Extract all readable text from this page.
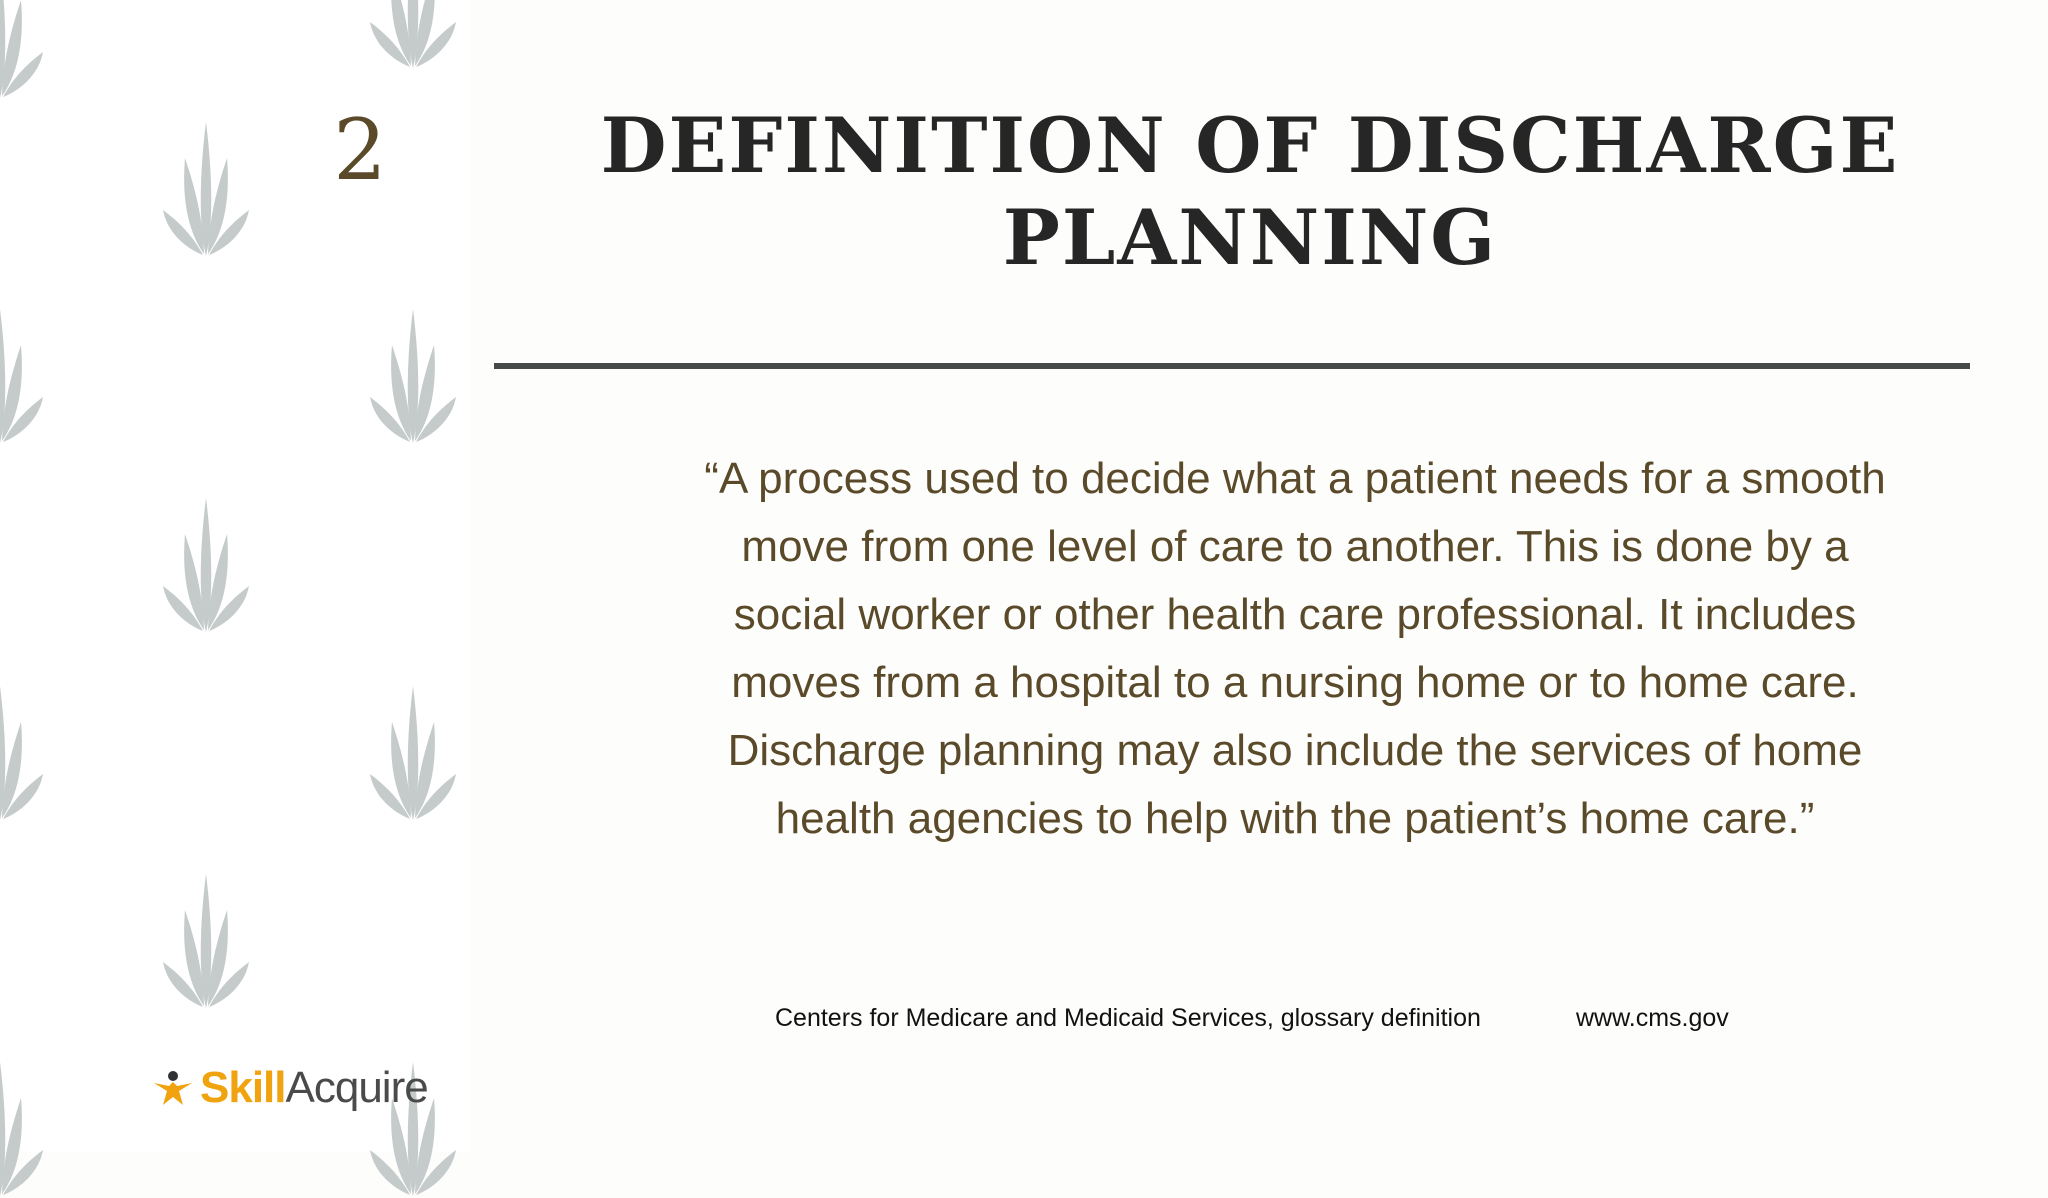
2	DEFINITION OF DISCHARGE
PLANNING
“A process used to decide what a patient needs for a smooth
move from one level of care to another. This is done by a
social worker or other health care professional. It includes
moves from a hospital to a nursing home or to home care.
Discharge planning may also include the services of home
health agencies to help with the patient’s home care.”
Centers for Medicare and Medicaid Services, glossary definition	www.cms.gov
Skill Acquire
